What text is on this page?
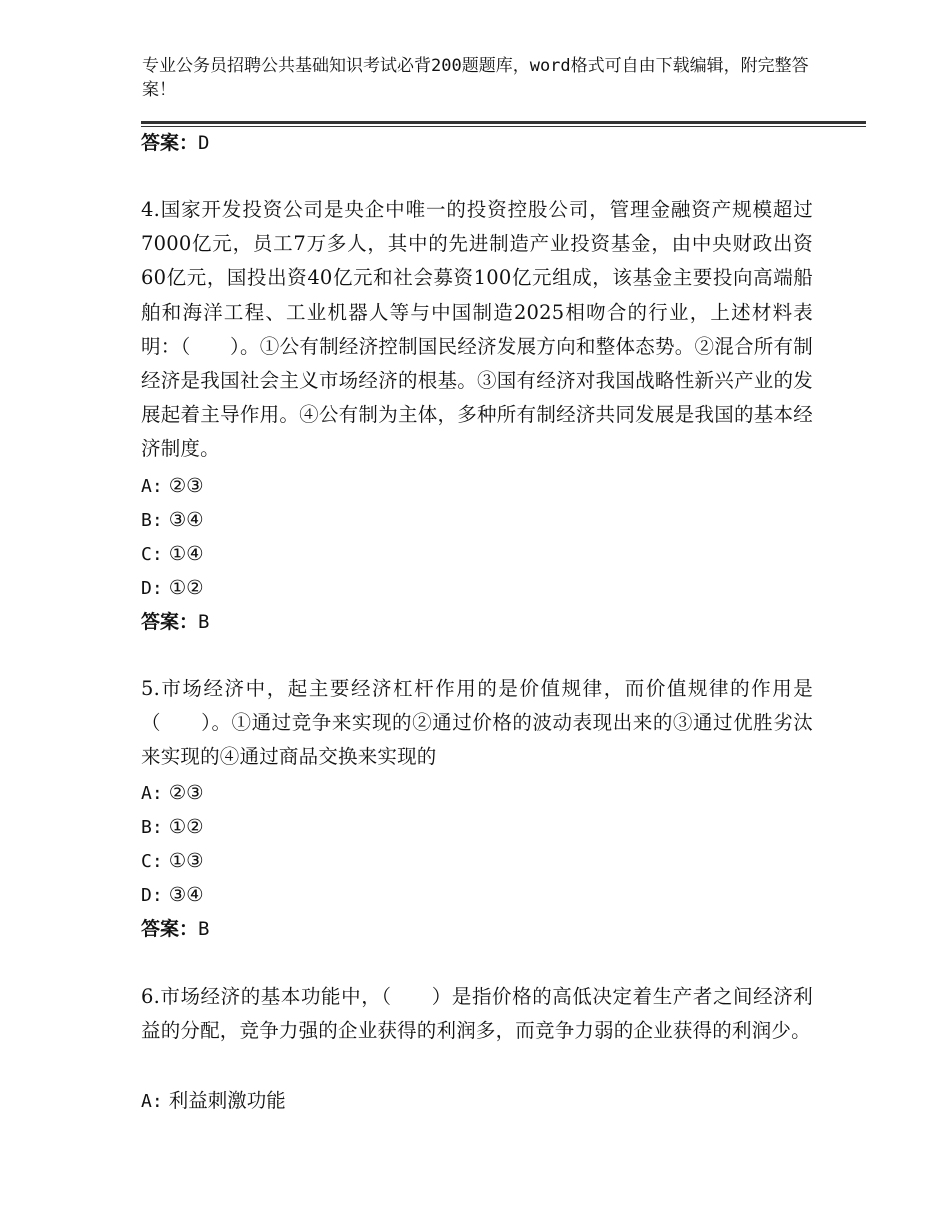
专业公务员招聘公共基础知识考试必背200题题库，word格式可自由下载编辑，附完整答案！
答案：D
4.国家开发投资公司是央企中唯一的投资控股公司，管理金融资产规模超过7000亿元，员工7万多人，其中的先进制造产业投资基金，由中央财政出资60亿元，国投出资40亿元和社会募资100亿元组成，该基金主要投向高端船舶和海洋工程、工业机器人等与中国制造2025相吻合的行业，上述材料表明：（　　）。①公有制经济控制国民经济发展方向和整体态势。②混合所有制经济是我国社会主义市场经济的根基。③国有经济对我国战略性新兴产业的发展起着主导作用。④公有制为主体，多种所有制经济共同发展是我国的基本经济制度。
A: ②③
B: ③④
C: ①④
D: ①②
答案：B
5.市场经济中，起主要经济杠杆作用的是价值规律，而价值规律的作用是（　　）。①通过竞争来实现的②通过价格的波动表现出来的③通过优胜劣汰来实现的④通过商品交换来实现的
A: ②③
B: ①②
C: ①③
D: ③④
答案：B
6.市场经济的基本功能中，（　　）是指价格的高低决定着生产者之间经济利益的分配，竞争力强的企业获得的利润多，而竞争力弱的企业获得的利润少。
A: 利益刺激功能
